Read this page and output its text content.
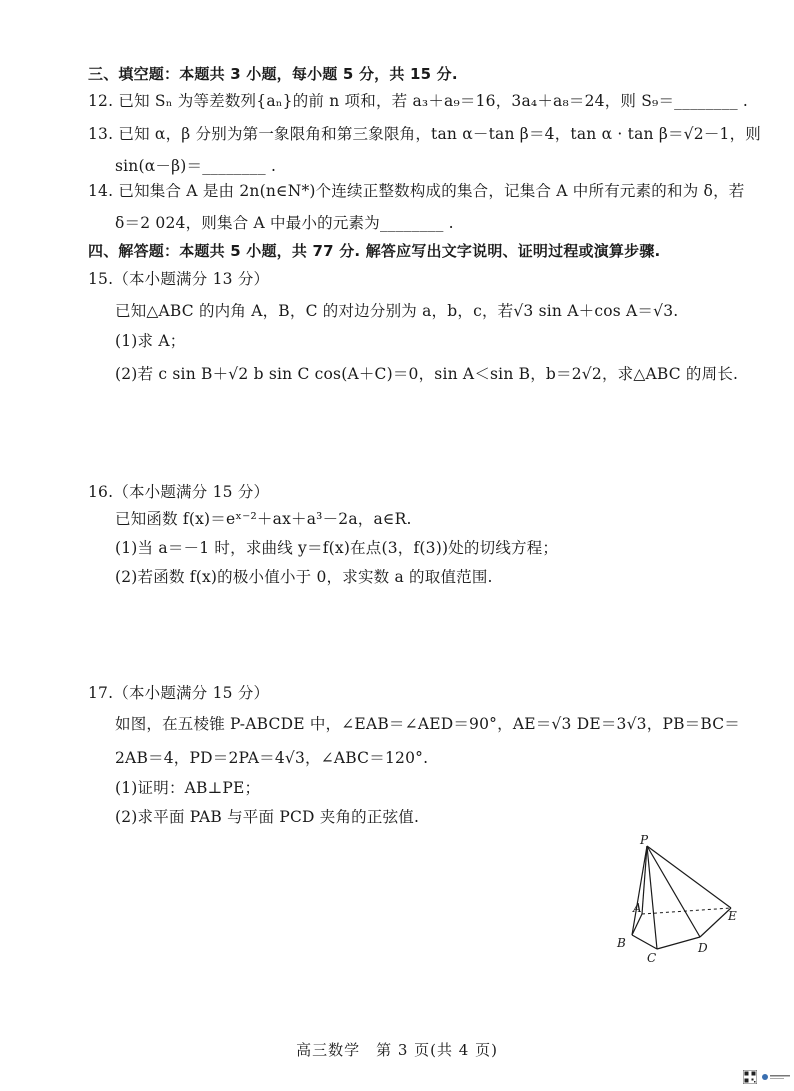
三、填空题：本题共 3 小题，每小题 5 分，共 15 分.
12. 已知 Sₙ 为等差数列{aₙ}的前 n 项和，若 a₃＋a₉＝16，3a₄＋a₈＝24，则 S₉＝________ .
13. 已知 α，β 分别为第一象限角和第三象限角，tan α－tan β＝4，tan α · tan β＝√2－1，则
sin(α－β)＝________ .
14. 已知集合 A 是由 2n(n∈N*)个连续正整数构成的集合，记集合 A 中所有元素的和为 δ，若
δ＝2 024，则集合 A 中最小的元素为________ .
四、解答题：本题共 5 小题，共 77 分. 解答应写出文字说明、证明过程或演算步骤.
15.（本小题满分 13 分）
已知△ABC 的内角 A，B，C 的对边分别为 a，b，c，若√3 sin A＋cos A＝√3.
(1)求 A；
(2)若 c sin B＋√2 b sin C cos(A＋C)＝0，sin A＜sin B，b＝2√2，求△ABC 的周长.
16.（本小题满分 15 分）
已知函数 f(x)＝eˣ⁻²＋ax＋a³－2a，a∈R.
(1)当 a＝－1 时，求曲线 y＝f(x)在点(3，f(3))处的切线方程；
(2)若函数 f(x)的极小值小于 0，求实数 a 的取值范围.
17.（本小题满分 15 分）
如图，在五棱锥 P-ABCDE 中，∠EAB＝∠AED＝90°，AE＝√3 DE＝3√3，PB＝BC＝
2AB＝4，PD＝2PA＝4√3，∠ABC＝120°.
(1)证明：AB⊥PE；
(2)求平面 PAB 与平面 PCD 夹角的正弦值.
P
A
B
C
D
E
高三数学　第 3 页(共 4 页)
